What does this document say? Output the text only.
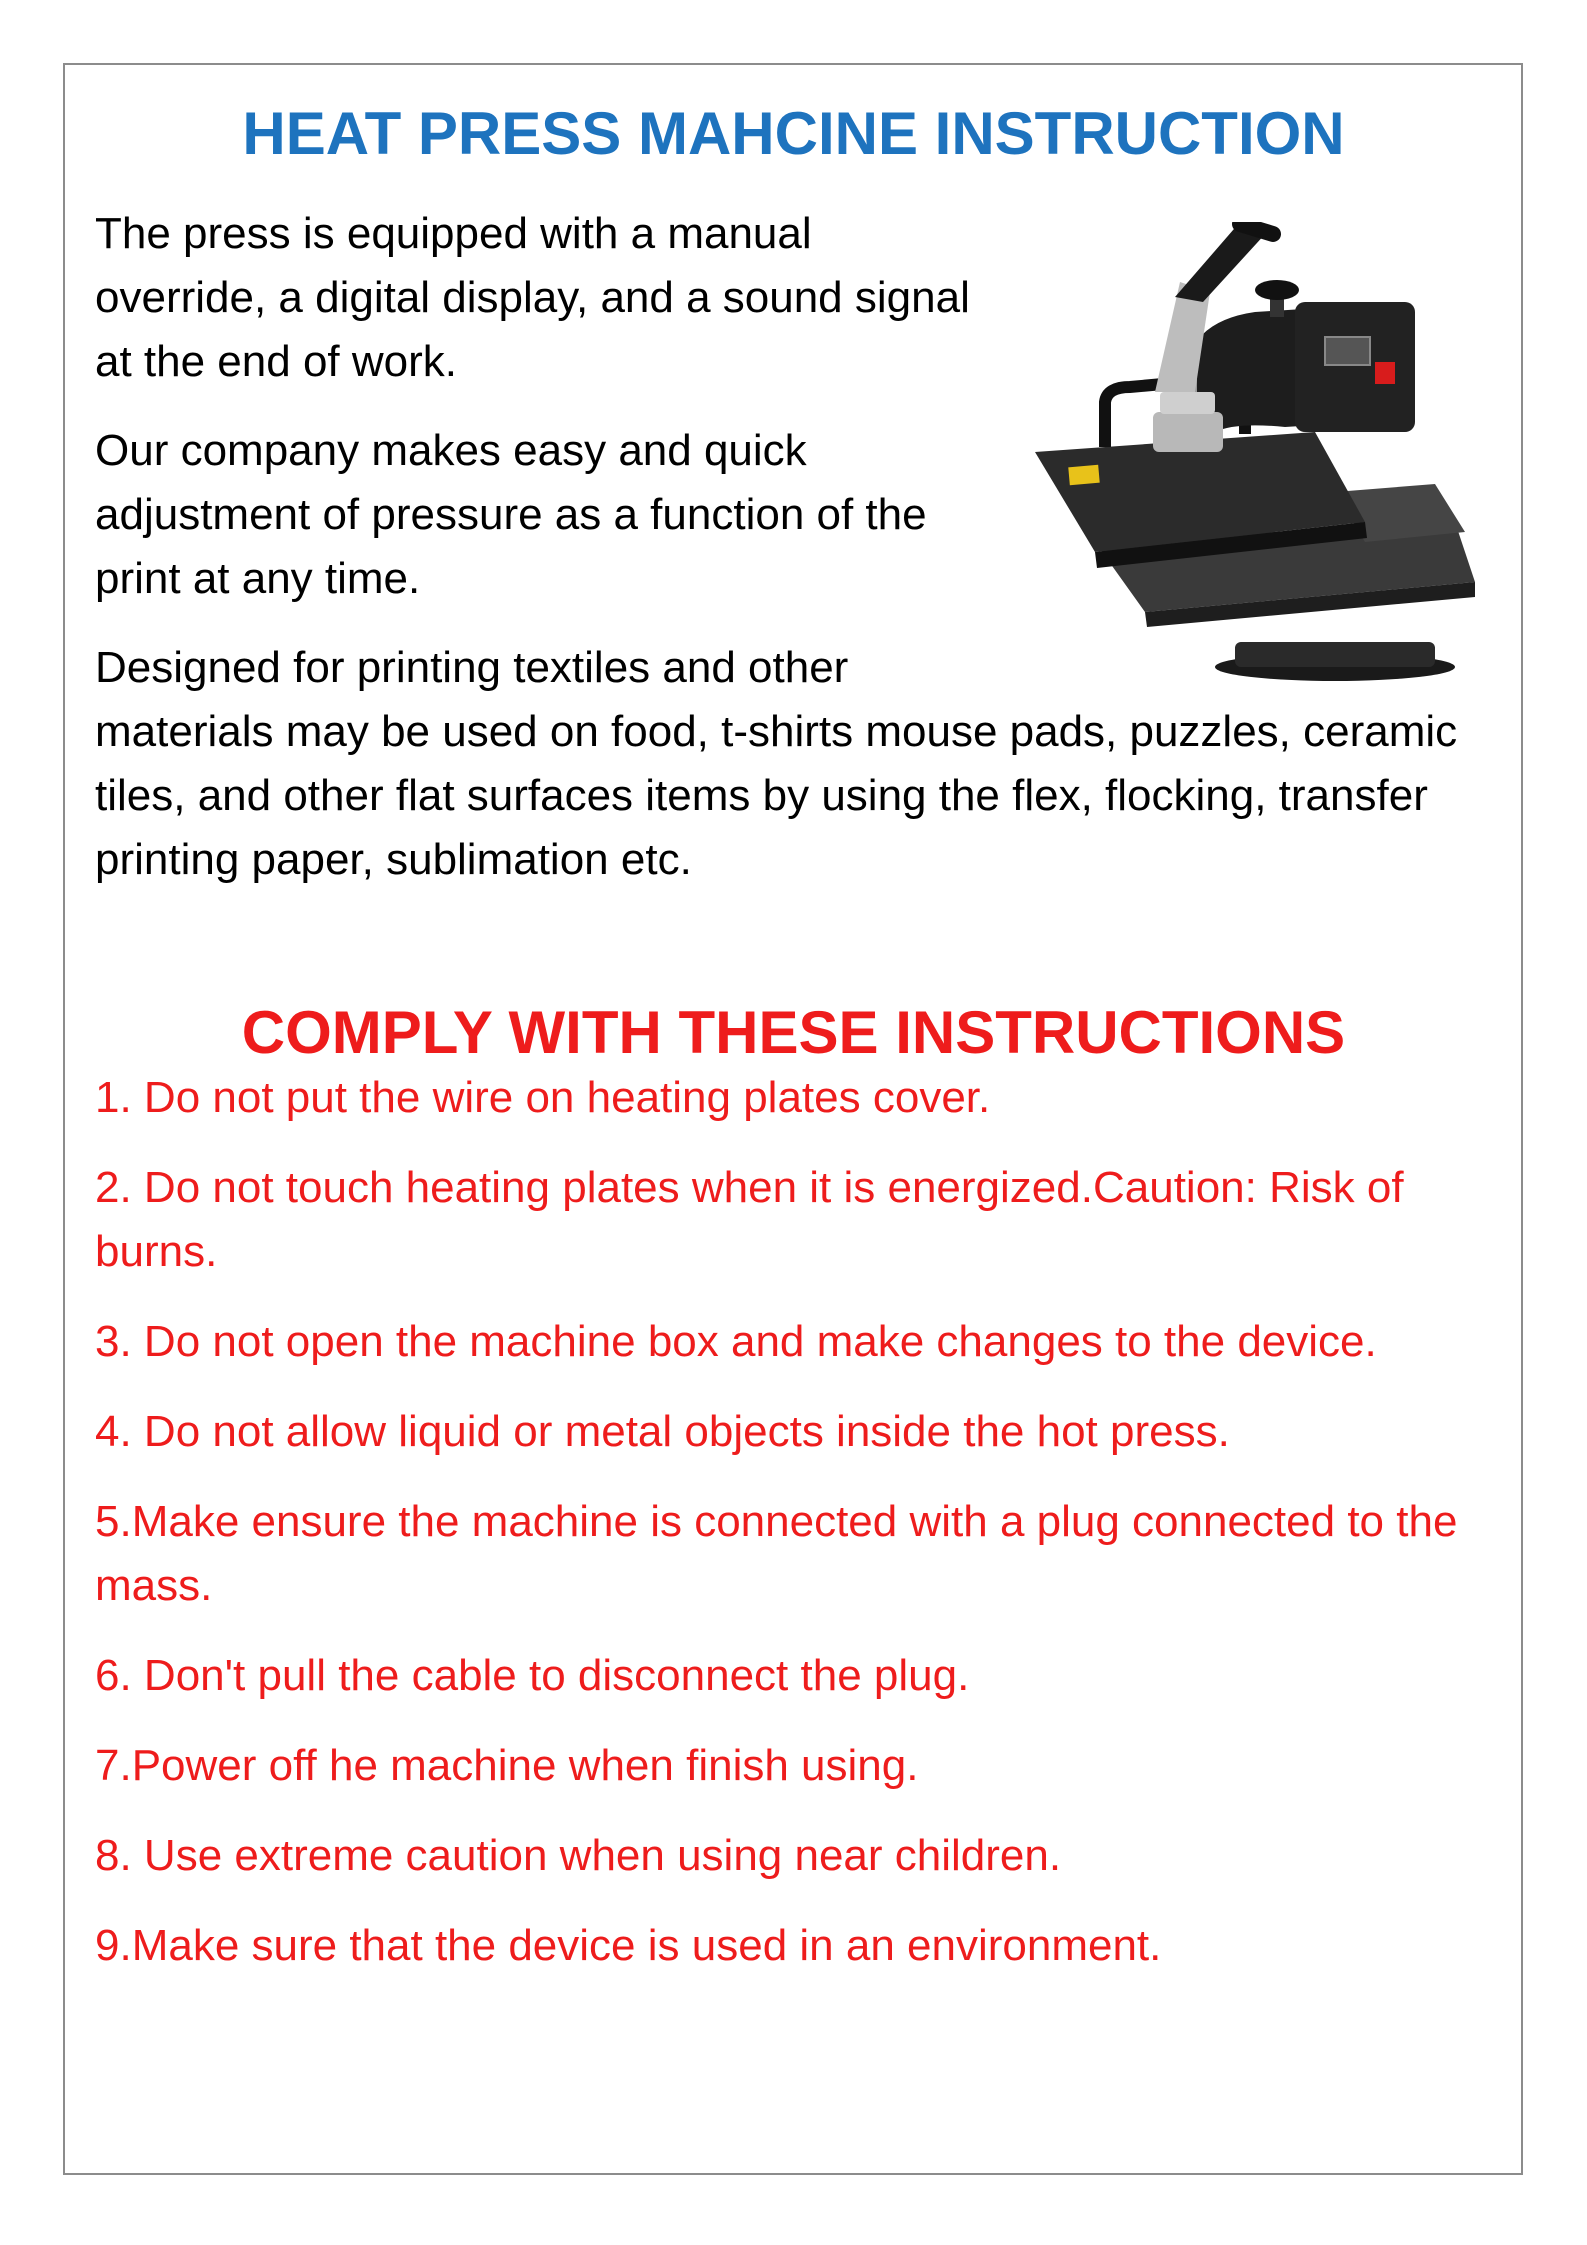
HEAT PRESS MAHCINE INSTRUCTION

The press is equipped with a manual override, a digital display, and a sound signal at the end of work.

Our company makes easy and quick adjustment of pressure as a function of the print at any time.

Designed for printing textiles and other materials may be used on food, t-shirts mouse pads, puzzles, ceramic tiles, and other flat surfaces items by using the flex, flocking, transfer printing paper, sublimation etc.

COMPLY WITH THESE INSTRUCTIONS
1. Do not put the wire on heating plates cover.
2. Do not touch heating plates when it is energized.Caution: Risk of burns.
3. Do not open the machine box and make changes to the device.
4. Do not allow liquid or metal objects inside the hot press.
5.Make ensure the machine is connected with a plug connected to the mass.
6. Don't pull the cable to disconnect the plug.
7.Power off he machine when finish using.
8. Use extreme caution when using near children.
9.Make sure that the device is used in an environment.
